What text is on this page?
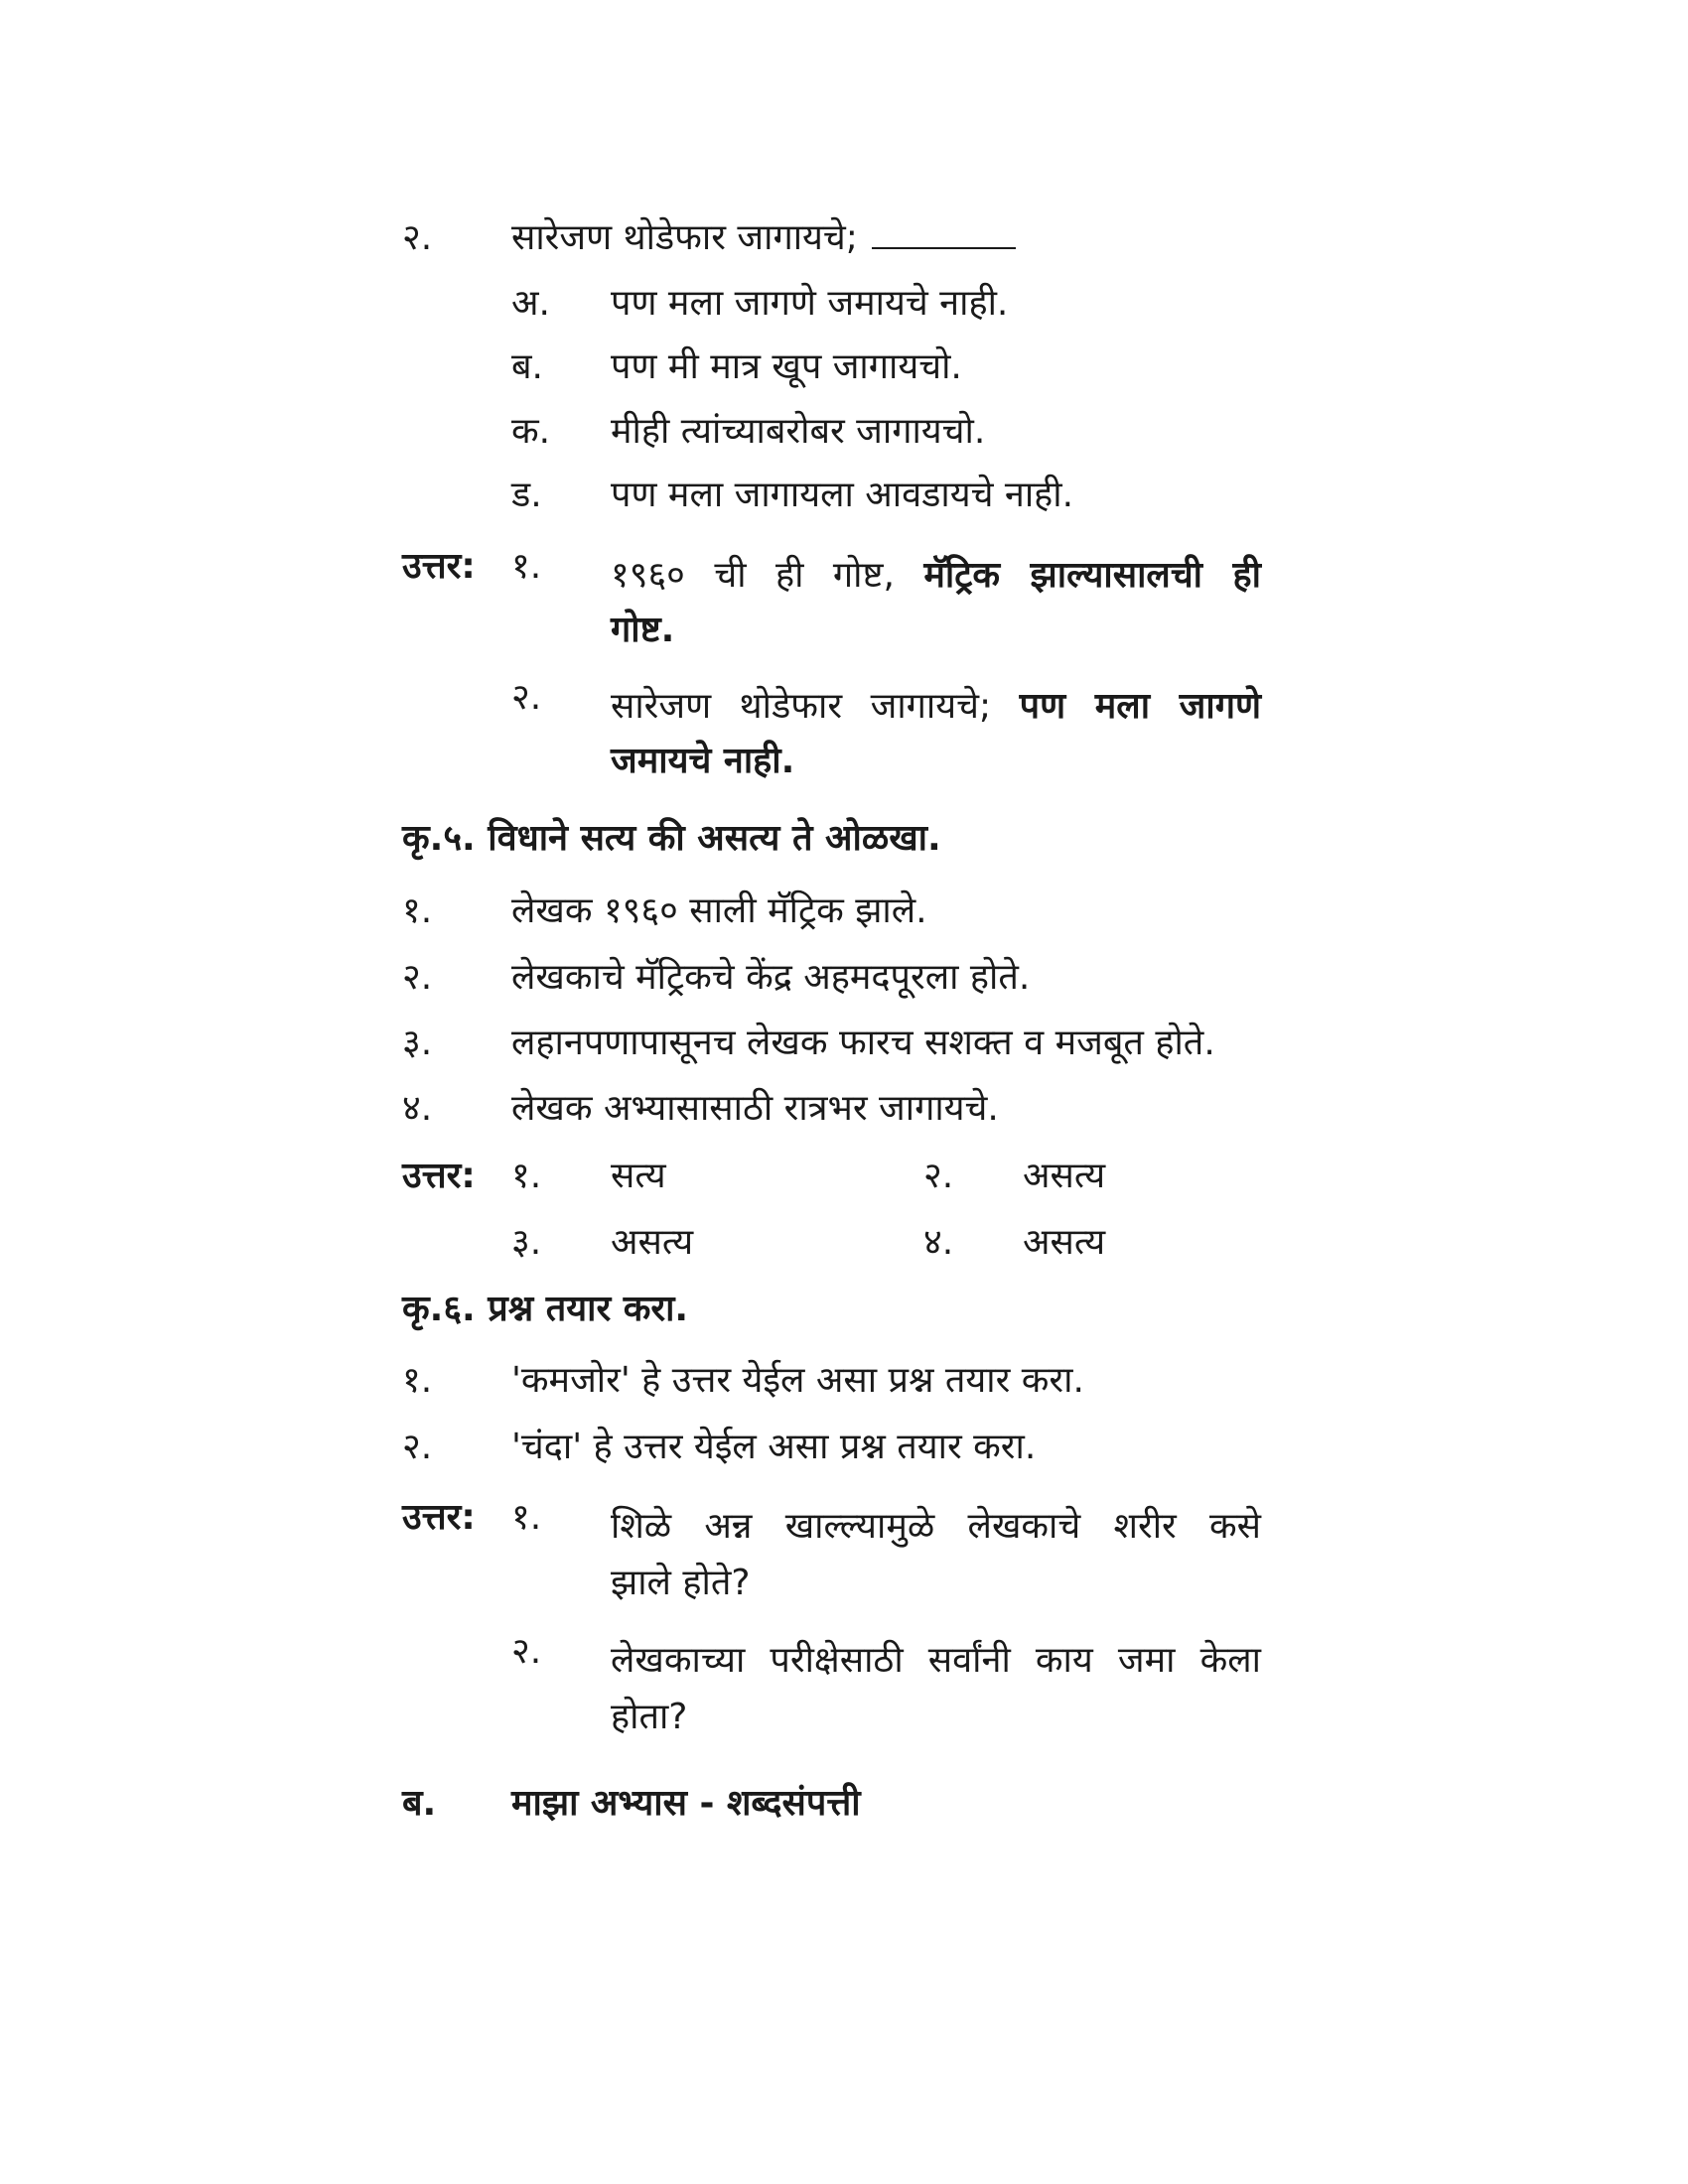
२. सारेजण थोडेफार जागायचे;
अ. पण मला जागणे जमायचे नाही.
ब. पण मी मात्र खूप जागायचो.
क. मीही त्यांच्याबरोबर जागायचो.
ड. पण मला जागायला आवडायचे नाही.
उत्तर: १. १९६० ची ही गोष्ट, मॅट्रिक झाल्यासालची ही
गोष्ट.
२. सारेजण थोडेफार जागायचे; पण मला जागणे
जमायचे नाही.
कृ.५. विधाने सत्य की असत्य ते ओळखा.
१. लेखक १९६० साली मॅट्रिक झाले.
२. लेखकाचे मॅट्रिकचे केंद्र अहमदपूरला होते.
३. लहानपणापासूनच लेखक फारच सशक्त व मजबूत होते.
४. लेखक अभ्यासासाठी रात्रभर जागायचे.
उत्तर: १. सत्य	२. असत्य
३. असत्य	४. असत्य
कृ.६. प्रश्न तयार करा.
१. 'कमजोर' हे उत्तर येईल असा प्रश्न तयार करा.
२. 'चंदा' हे उत्तर येईल असा प्रश्न तयार करा.
उत्तर: १. शिळे अन्न खाल्ल्यामुळे लेखकाचे शरीर कसे
झाले होते?
२. लेखकाच्या परीक्षेसाठी सर्वांनी काय जमा केला
होता?
ब. माझा अभ्यास - शब्दसंपत्ती
